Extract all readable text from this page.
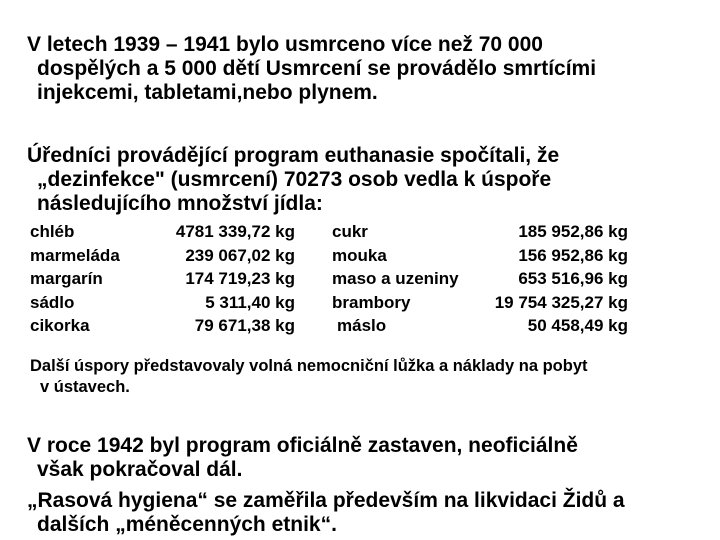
V letech 1939 – 1941 bylo usmrceno více než 70 000
dospělých a 5 000 dětí Usmrcení se provádělo smrtícími
injekcemi, tabletami,nebo plynem.
Úředníci provádějící program euthanasie spočítali, že
„dezinfekce" (usmrcení) 70273 osob vedla k úspoře
následujícího množství jídla:
chléb	4781 339,72 kg cukr	185 952,86 kg
marmeláda	239 067,02 kg mouka	156 952,86 kg
margarín	174 719,23 kg maso a uzeniny	653 516,96 kg
sádlo	5 311,40 kg brambory	19 754 325,27 kg
cikorka	79 671,38 kg máslo	50 458,49 kg
Další úspory představovaly volná nemocniční lůžka a náklady na pobyt
v ústavech.
V roce 1942 byl program oficiálně zastaven, neoficiálně
však pokračoval dál.
„Rasová hygiena“ se zaměřila především na likvidaci Židů a
dalších „méněcenných etnik“.
